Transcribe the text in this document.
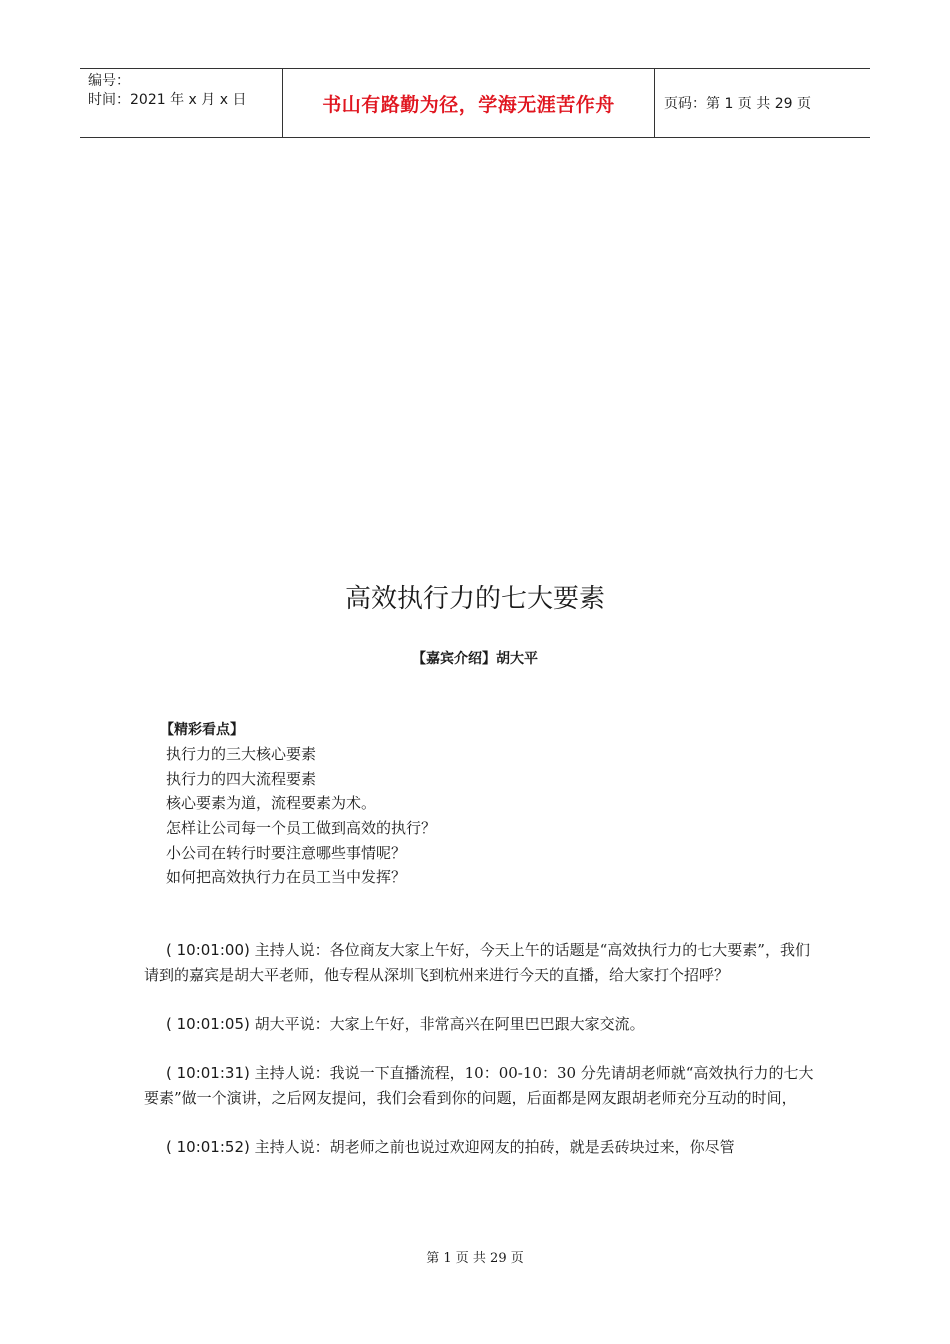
编号：
时间：2021 年 x 月 x 日	书山有路勤为径，学海无涯苦作舟	页码：第 1 页 共 29 页
高效执行力的七大要素
【嘉宾介绍】胡大平
【精彩看点】
执行力的三大核心要素
执行力的四大流程要素
核心要素为道，流程要素为术。
怎样让公司每一个员工做到高效的执行？
小公司在转行时要注意哪些事情呢？
如何把高效执行力在员工当中发挥？

( 10:01:00) 主持人说：各位商友大家上午好，今天上午的话题是“高效执行力的七大要素”，我们请到的嘉宾是胡大平老师，他专程从深圳飞到杭州来进行今天的直播，给大家打个招呼？

( 10:01:05) 胡大平说：大家上午好，非常高兴在阿里巴巴跟大家交流。

( 10:01:31) 主持人说：我说一下直播流程，10：00-10：30 分先请胡老师就“高效执行力的七大要素”做一个演讲，之后网友提问，我们会看到你的问题，后面都是网友跟胡老师充分互动的时间，

( 10:01:52) 主持人说：胡老师之前也说过欢迎网友的拍砖，就是丢砖块过来，你尽管

第 1 页 共 29 页
